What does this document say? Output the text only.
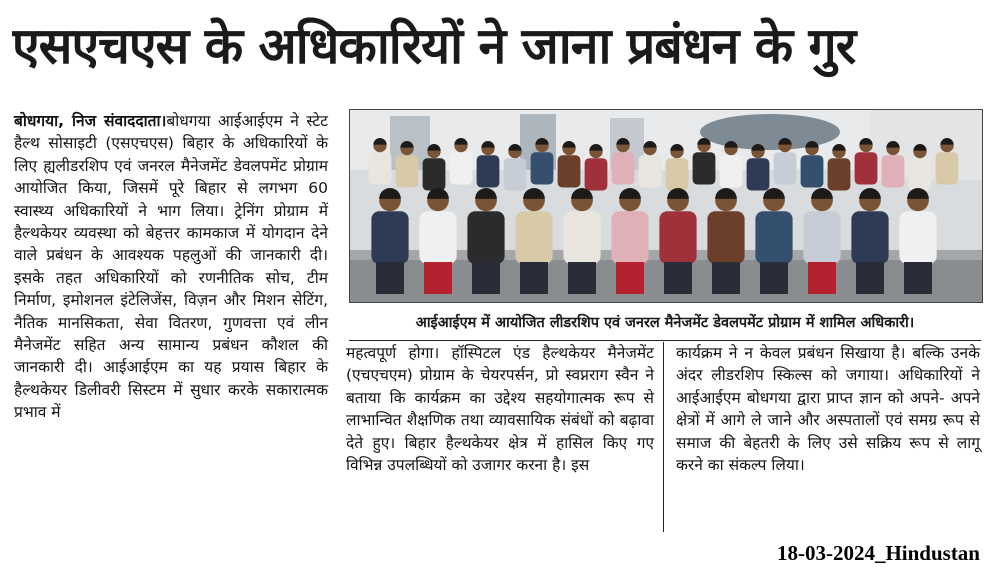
एसएचएस के अधिकारियों ने जाना प्रबंधन के गुर
बोधगया, निज संवाददाता।बोधगया आईआईएम ने स्टेट हैल्थ सोसाइटी (एसएचएस) बिहार के अधिकारियों के लिए ह्यलीडरशिप एवं जनरल मैनेजमेंट डेवलपमेंट प्रोग्राम आयोजित किया, जिसमें पूरे बिहार से लगभग 60 स्वास्थ्य अधिकारियों ने भाग लिया। ट्रेनिंग प्रोग्राम में हैल्थकेयर व्यवस्था को बेहत्तर कामकाज में योगदान देने वाले प्रबंधन के आवश्यक पहलुओं की जानकारी दी। इसके तहत अधिकारियों को रणनीतिक सोच, टीम निर्माण, इमोशनल इंटेलिजेंस, विज़न और मिशन सेटिंग, नैतिक मानसिकता, सेवा वितरण, गुणवत्ता एवं लीन मैनेजमेंट सहित अन्य सामान्य प्रबंधन कौशल की जानकारी दी। आईआईएम का यह प्रयास बिहार के हैल्थकेयर डिलीवरी सिस्टम में सुधार करके सकारात्मक प्रभाव में
आईआईएम में आयोजित लीडरशिप एवं जनरल मैनेजमेंट डेवलपमेंट प्रोग्राम में शामिल अधिकारी।
महत्वपूर्ण होगा। हॉस्पिटल एंड हैल्थकेयर मैनेजमेंट (एचएचएम) प्रोग्राम के चेयरपर्सन, प्रो स्वप्नराग स्वैन ने बताया कि कार्यक्रम का उद्देश्य सहयोगात्मक रूप से लाभान्वित शैक्षणिक तथा व्यावसायिक संबंधों को बढ़ावा देते हुए। बिहार हैल्थकेयर क्षेत्र में हासिल किए गए विभिन्न उपलब्धियों को उजागर करना है। इस
कार्यक्रम ने न केवल प्रबंधन सिखाया है। बल्कि उनके अंदर लीडरशिप स्किल्स को जगाया। अधिकारियों ने आईआईएम बोधगया द्वारा प्राप्त ज्ञान को अपने- अपने क्षेत्रों में आगे ले जाने और अस्पतालों एवं समग्र रूप से समाज की बेहतरी के लिए उसे सक्रिय रूप से लागू करने का संकल्प लिया।
18-03-2024_Hindustan
